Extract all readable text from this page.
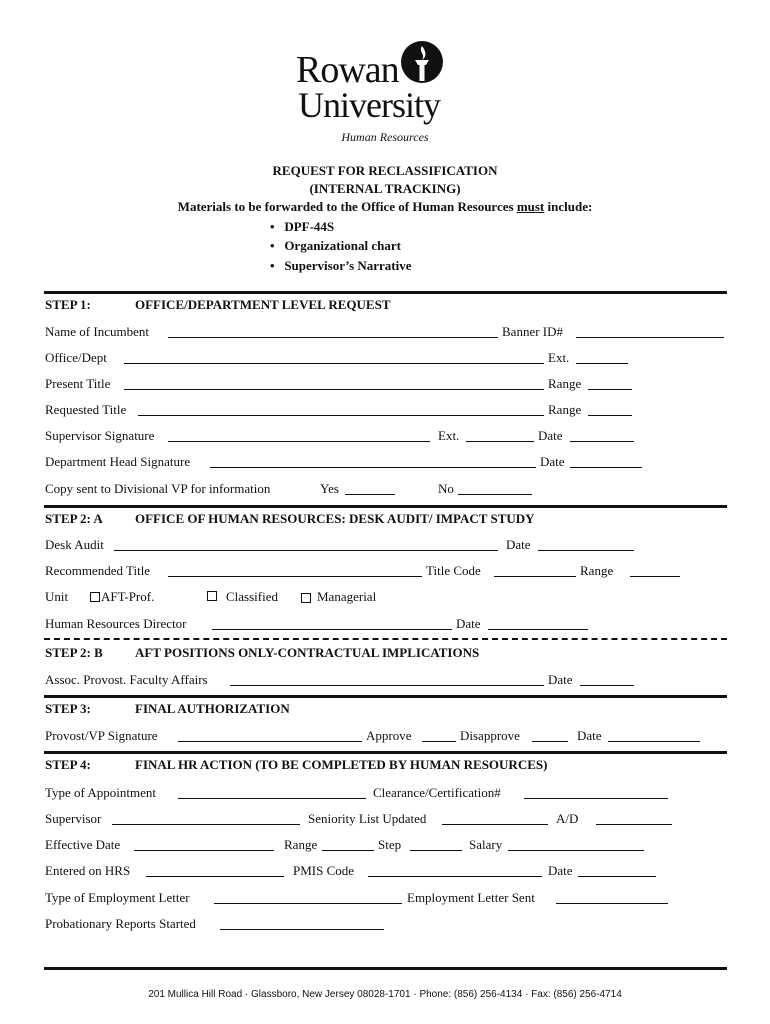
Rowan
University
Human Resources
REQUEST FOR RECLASSIFICATION
(INTERNAL TRACKING)
Materials to be forwarded to the Office of Human Resources must include:
•   DPF-44S
•   Organizational chart
•   Supervisor’s Narrative
STEP 1:	OFFICE/DEPARTMENT LEVEL REQUEST
Name of Incumbent	Banner ID#
Office/Dept	Ext.
Present Title	Range
Requested Title	Range
Supervisor Signature	Ext.	Date
Department Head Signature	Date
Copy sent to Divisional VP for information	Yes	No
STEP 2: A OFFICE OF HUMAN RESOURCES: DESK AUDIT/ IMPACT STUDY
Desk Audit	Date
Recommended Title	Title Code	Range
Unit	AFT-Prof.	Classified	Managerial
Human Resources Director	Date
STEP 2: B AFT POSITIONS ONLY-CONTRACTUAL IMPLICATIONS
Assoc. Provost. Faculty Affairs	Date
STEP 3:	FINAL AUTHORIZATION
Provost/VP Signature	Approve	Disapprove	Date
STEP 4:	FINAL HR ACTION (TO BE COMPLETED BY HUMAN RESOURCES)
Type of Appointment	Clearance/Certification#
Supervisor	Seniority List Updated	A/D
Effective Date	Range	Step	Salary
Entered on HRS	PMIS Code	Date
Type of Employment Letter	Employment Letter Sent
Probationary Reports Started
201 Mullica Hill Road · Glassboro, New Jersey 08028-1701 · Phone: (856) 256-4134 · Fax: (856) 256-4714
